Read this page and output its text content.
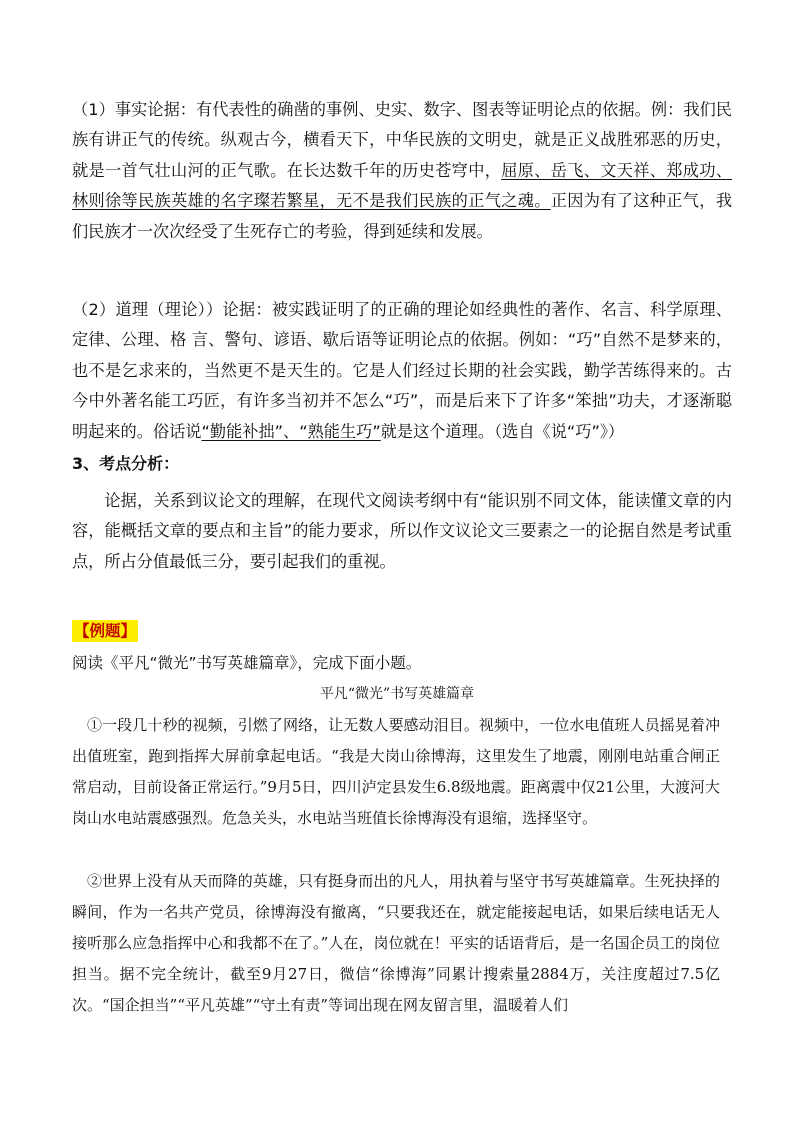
（1）事实论据：有代表性的确凿的事例、史实、数字、图表等证明论点的依据。例：我们民族有讲正气的传统。纵观古今，横看天下，中华民族的文明史，就是正义战胜邪恶的历史，就是一首气壮山河的正气歌。在长达数千年的历史苍穹中，屈原、岳飞、文天祥、郑成功、林则徐等民族英雄的名字璨若繁星，无不是我们民族的正气之魂。正因为有了这种正气，我们民族才一次次经受了生死存亡的考验，得到延续和发展。

（2）道理（理论））论据：被实践证明了的正确的理论如经典性的著作、名言、科学原理、定律、公理、格 言、警句、谚语、歇后语等证明论点的依据。例如：“巧”自然不是梦来的，也不是乞求来的，当然更不是天生的。它是人们经过长期的社会实践，勤学苦练得来的。古今中外著名能工巧匠，有许多当初并不怎么“巧”，而是后来下了许多“笨拙”功夫，才逐渐聪明起来的。俗话说“勤能补拙”、“熟能生巧”就是这个道理。（选自《说“巧”》）

3、考点分析：

论据，关系到议论文的理解，在现代文阅读考纲中有“能识别不同文体，能读懂文章的内容，能概括文章的要点和主旨”的能力要求，所以作文议论文三要素之一的论据自然是考试重点，所占分值最低三分，要引起我们的重视。

【例题】

阅读《平凡“微光”书写英雄篇章》，完成下面小题。

平凡“微光”书写英雄篇章

①一段几十秒的视频，引燃了网络，让无数人要感动泪目。视频中，一位水电值班人员摇晃着冲出值班室，跑到指挥大屏前拿起电话。“我是大岗山徐博海，这里发生了地震，刚刚电站重合闸正常启动，目前设备正常运行。”9月5日，四川泸定县发生6.8级地震。距离震中仅21公里，大渡河大岗山水电站震感强烈。危急关头，水电站当班值长徐博海没有退缩，选择坚守。

②世界上没有从天而降的英雄，只有挺身而出的凡人，用执着与坚守书写英雄篇章。生死抉择的瞬间，作为一名共产党员，徐博海没有撤离，“只要我还在，就定能接起电话，如果后续电话无人接听那么应急指挥中心和我都不在了。”人在，岗位就在！平实的话语背后，是一名国企员工的岗位担当。据不完全统计，截至9月27日，微信“徐博海”同累计搜索量2884万，关注度超过7.5亿次。“国企担当”“平凡英雄”“守土有责”等词出现在网友留言里，温暖着人们
